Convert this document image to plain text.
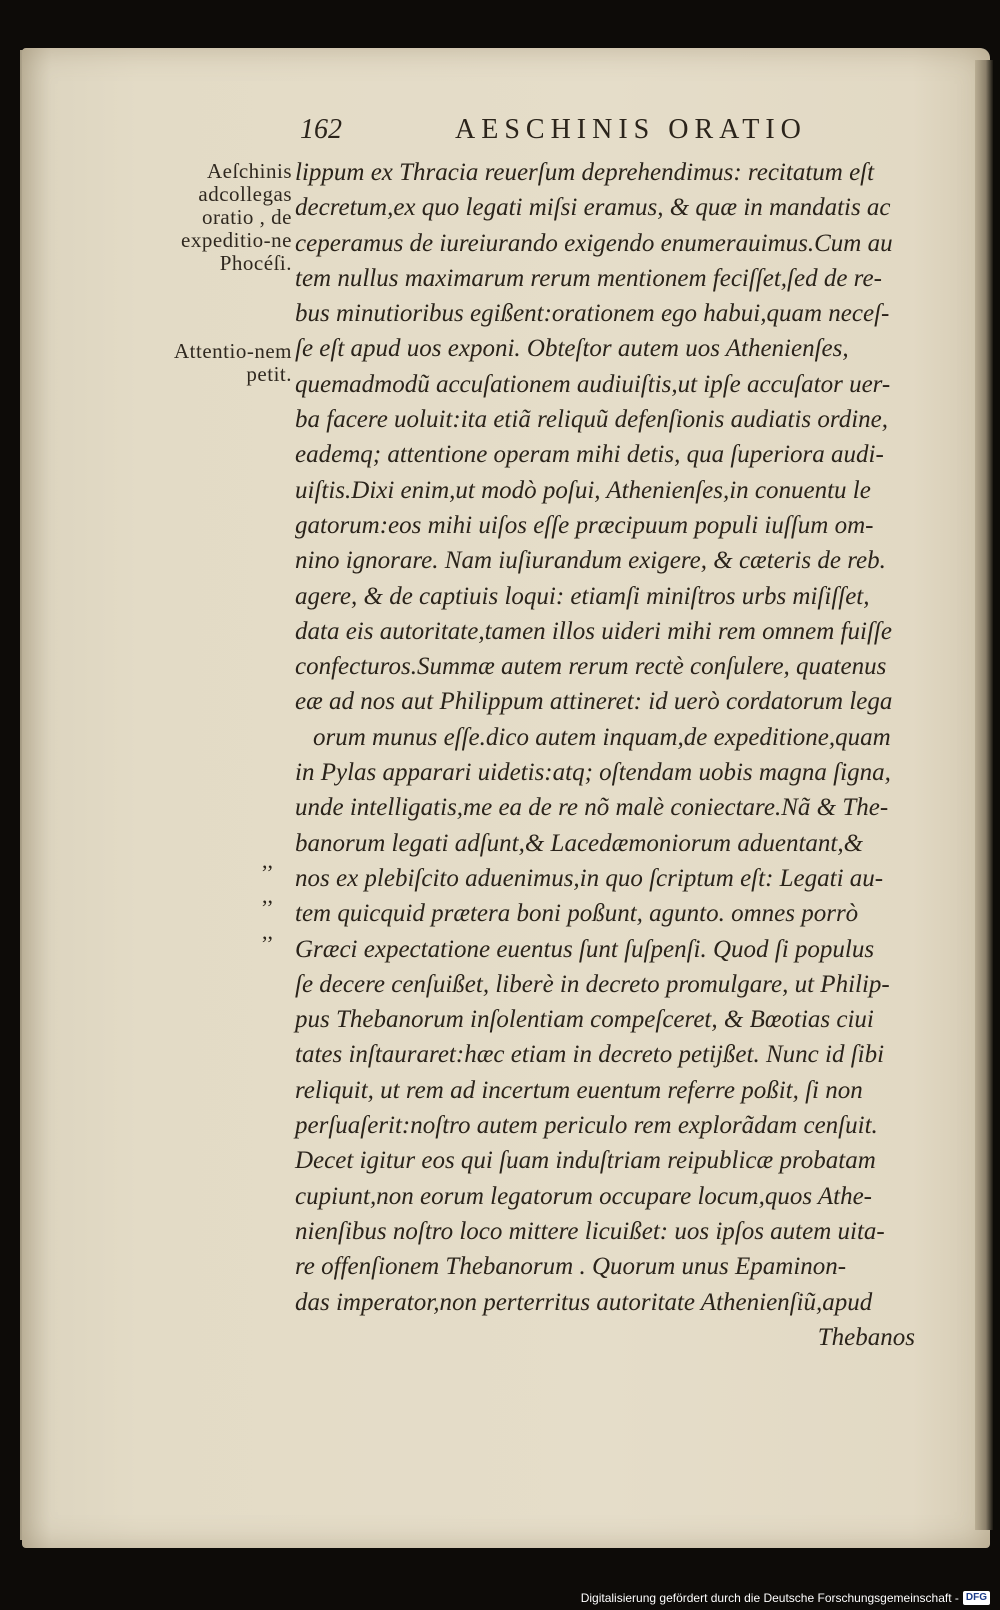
162	AESCHINIS ORATIO
Aeſchinis adcollegas oratio , de expeditio-ne Phocéſi.
Attentio-nem petit.
,,
,,
,,
lippum ex Thracia reuerſum deprehendimus: recitatum eſt
decretum,ex quo legati miſsi eramus, & quæ in mandatis ac
ceperamus de iureiurando exigendo enumerauimus.Cum au
tem nullus maximarum rerum mentionem feciſſet,ſed de re-
bus minutioribus egißent:orationem ego habui,quam neceſ-
ſe eſt apud uos exponi. Obteſtor autem uos Athenienſes,
quemadmodũ accuſationem audiuiſtis,ut ipſe accuſator uer-
ba facere uoluit:ita etiã reliquũ defenſionis audiatis ordine,
eademq; attentione operam mihi detis, qua ſuperiora audi-
uiſtis.Dixi enim,ut modò poſui, Athenienſes,in conuentu le
gatorum:eos mihi uiſos eſſe præcipuum populi iuſſum om-
nino ignorare. Nam iuſiurandum exigere, & cæteris de reb.
agere, & de captiuis loqui: etiamſi miniſtros urbs miſiſſet,
data eis autoritate,tamen illos uideri mihi rem omnem fuiſſe
confecturos.Summæ autem rerum rectè conſulere, quatenus
eæ ad nos aut Philippum attineret: id uerò cordatorum lega
orum munus eſſe.dico autem inquam,de expeditione,quam
in Pylas apparari uidetis:atq; oſtendam uobis magna ſigna,
unde intelligatis,me ea de re nõ malè coniectare.Nã & The-
banorum legati adſunt,& Lacedæmoniorum aduentant,&
nos ex plebiſcito aduenimus,in quo ſcriptum eſt: Legati au-
tem quicquid prætera boni poßunt, agunto. omnes porrò
Græci expectatione euentus ſunt ſuſpenſi. Quod ſi populus
ſe decere cenſuißet, liberè in decreto promulgare, ut Philip-
pus Thebanorum inſolentiam compeſceret, & Bœotias ciui
tates inſtauraret:hæc etiam in decreto petijßet. Nunc id ſibi
reliquit, ut rem ad incertum euentum referre poßit, ſi non
perſuaſerit:noſtro autem periculo rem explorãdam cenſuit.
Decet igitur eos qui ſuam induſtriam reipublicæ probatam
cupiunt,non eorum legatorum occupare locum,quos Athe-
nienſibus noſtro loco mittere licuißet: uos ipſos autem uita-
re offenſionem Thebanorum . Quorum unus Epaminon-
das imperator,non perterritus autoritate Athenienſiũ,apud
Thebanos
Digitalisierung gefördert durch die Deutsche Forschungsgemeinschaft - DFG
